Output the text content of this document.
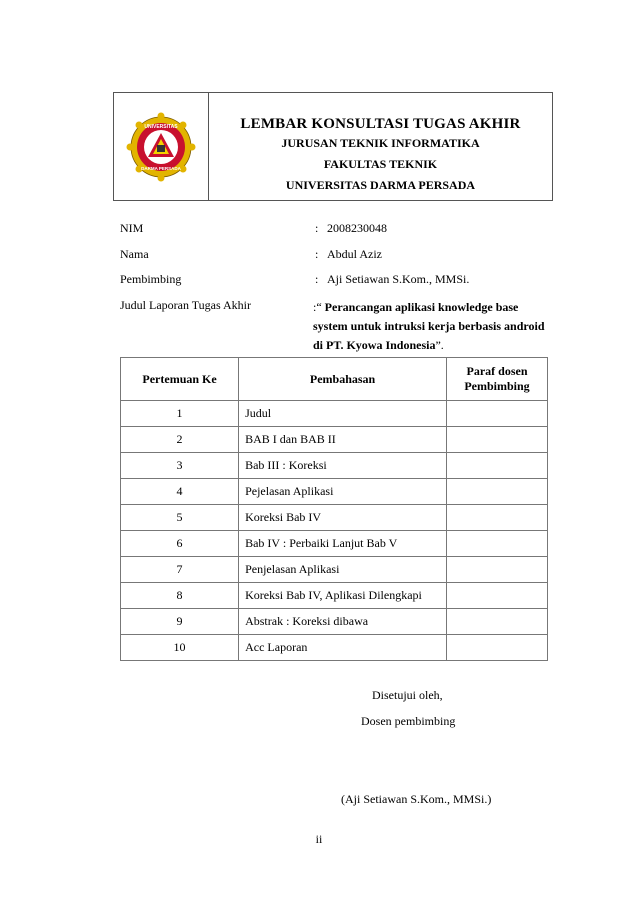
UNIVERSITAS
DARMA PERSADA
LEMBAR KONSULTASI TUGAS AKHIR
JURUSAN TEKNIK INFORMATIKA
FAKULTAS TEKNIK
UNIVERSITAS DARMA PERSADA
NIM	: 2008230048
Nama	: Abdul Aziz
Pembimbing	: Aji Setiawan S.Kom., MMSi.
Judul Laporan Tugas Akhir	:“ Perancangan aplikasi knowledge base system untuk intruksi kerja berbasis android di PT. Kyowa Indonesia”.
Pertemuan Ke	Pembahasan	Paraf dosen Pembimbing
1	Judul	
2	BAB I dan BAB II	
3	Bab III : Koreksi	
4	Pejelasan Aplikasi	
5	Koreksi Bab IV	
6	Bab IV : Perbaiki Lanjut Bab V	
7	Penjelasan Aplikasi	
8	Koreksi Bab IV, Aplikasi Dilengkapi	
9	Abstrak : Koreksi dibawa	
10	Acc Laporan	
Disetujui oleh,
Dosen pembimbing
(Aji Setiawan S.Kom., MMSi.)
ii
